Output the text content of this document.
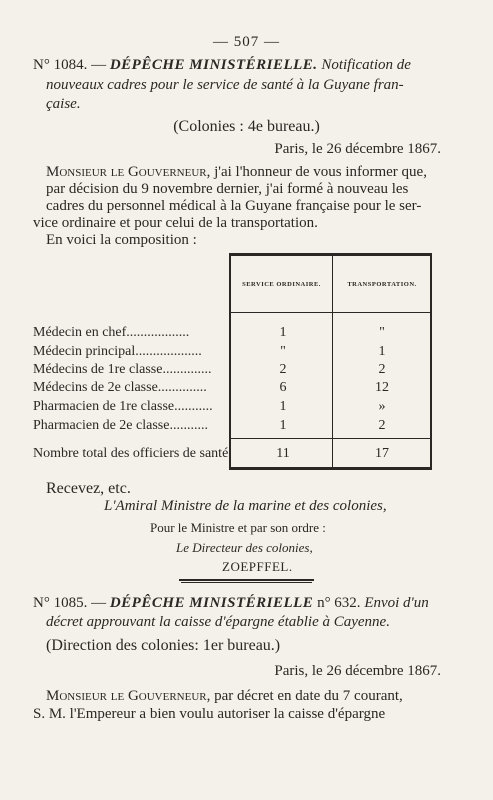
— 507 —
N° 1084. — DÉPÊCHE MINISTÉRIELLE. Notification de
nouveaux cadres pour le service de santé à la Guyane fran-
çaise.
(Colonies : 4e bureau.)
Paris, le 26 décembre 1867.
Monsieur le Gouverneur, j'ai l'honneur de vous informer que,
par décision du 9 novembre dernier, j'ai formé à nouveau les
cadres du personnel médical à la Guyane française pour le ser-
vice ordinaire et pour celui de la transportation.
En voici la composition :
SERVICE ORDINAIRE.	TRANSPORTATION.
Médecin en chef..................	1	"
Médecin principal...................	"	1
Médecins de 1re classe..............	2	2
Médecins de 2e classe..............	6	12
Pharmacien de 1re classe...........	1	»
Pharmacien de 2e classe...........	1	2
Nombre total des officiers de santé.	11	17
Recevez, etc.
L'Amiral Ministre de la marine et des colonies,
Pour le Ministre et par son ordre :
Le Directeur des colonies,
ZOEPFFEL.
N° 1085. — DÉPÊCHE MINISTÉRIELLE n° 632. Envoi d'un
décret approuvant la caisse d'épargne établie à Cayenne.
(Direction des colonies: 1er bureau.)
Paris, le 26 décembre 1867.
Monsieur le Gouverneur, par décret en date du 7 courant,
S. M. l'Empereur a bien voulu autoriser la caisse d'épargne
